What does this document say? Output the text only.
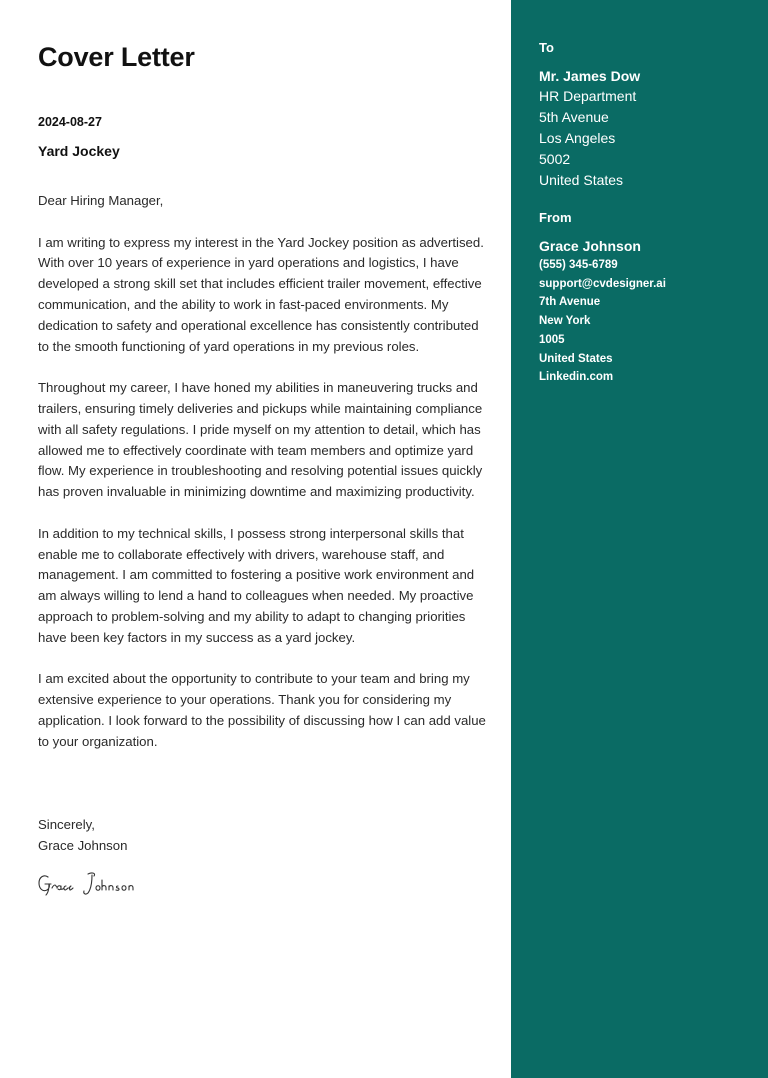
Cover Letter
2024-08-27
Yard Jockey

Dear Hiring Manager,

I am writing to express my interest in the Yard Jockey position as advertised. With over 10 years of experience in yard operations and logistics, I have developed a strong skill set that includes efficient trailer movement, effective communication, and the ability to work in fast-paced environments. My dedication to safety and operational excellence has consistently contributed to the smooth functioning of yard operations in my previous roles.

Throughout my career, I have honed my abilities in maneuvering trucks and trailers, ensuring timely deliveries and pickups while maintaining compliance with all safety regulations. I pride myself on my attention to detail, which has allowed me to effectively coordinate with team members and optimize yard flow. My experience in troubleshooting and resolving potential issues quickly has proven invaluable in minimizing downtime and maximizing productivity.

In addition to my technical skills, I possess strong interpersonal skills that enable me to collaborate effectively with drivers, warehouse staff, and management. I am committed to fostering a positive work environment and am always willing to lend a hand to colleagues when needed. My proactive approach to problem-solving and my ability to adapt to changing priorities have been key factors in my success as a yard jockey.

I am excited about the opportunity to contribute to your team and bring my extensive experience to your operations. Thank you for considering my application. I look forward to the possibility of discussing how I can add value to your organization.

Sincerely,
Grace Johnson
To
Mr. James Dow
HR Department
5th Avenue
Los Angeles
5002
United States
From
Grace Johnson
(555) 345-6789
support@cvdesigner.ai
7th Avenue
New York
1005
United States
Linkedin.com
